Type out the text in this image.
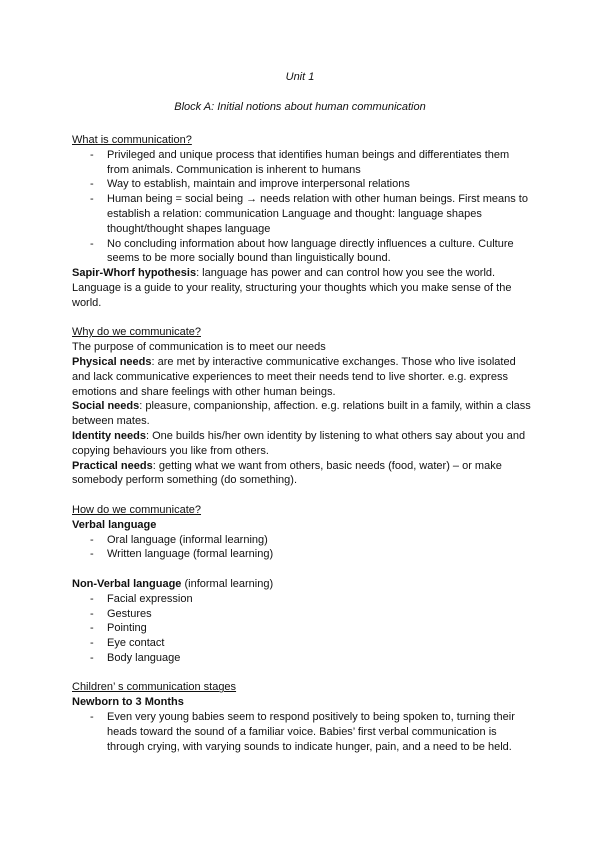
Unit 1
Block A: Initial notions about human communication

What is communication?

- Privileged and unique process that identifies human beings and differentiates them from animals. Communication is inherent to humans
- Way to establish, maintain and improve interpersonal relations
- Human being = social being → needs relation with other human beings. First means to establish a relation: communication Language and thought: language shapes thought/thought shapes language
- No concluding information about how language directly influences a culture. Culture seems to be more socially bound than linguistically bound.

Sapir-Whorf hypothesis: language has power and can control how you see the world. Language is a guide to your reality, structuring your thoughts which you make sense of the world.

Why do we communicate?

The purpose of communication is to meet our needs

Physical needs: are met by interactive communicative exchanges. Those who live isolated and lack communicative experiences to meet their needs tend to live shorter. e.g. express emotions and share feelings with other human beings.

Social needs: pleasure, companionship, affection. e.g. relations built in a family, within a class between mates.

Identity needs: One builds his/her own identity by listening to what others say about you and copying behaviours you like from others.

Practical needs: getting what we want from others, basic needs (food, water) – or make somebody perform something (do something).

How do we communicate?

Verbal language

- Oral language (informal learning)
- Written language (formal learning)

Non-Verbal language (informal learning)

- Facial expression
- Gestures
- Pointing
- Eye contact
- Body language

Children’ s communication stages

Newborn to 3 Months

- Even very young babies seem to respond positively to being spoken to, turning their heads toward the sound of a familiar voice. Babies’ first verbal communication is through crying, with varying sounds to indicate hunger, pain, and a need to be held.
